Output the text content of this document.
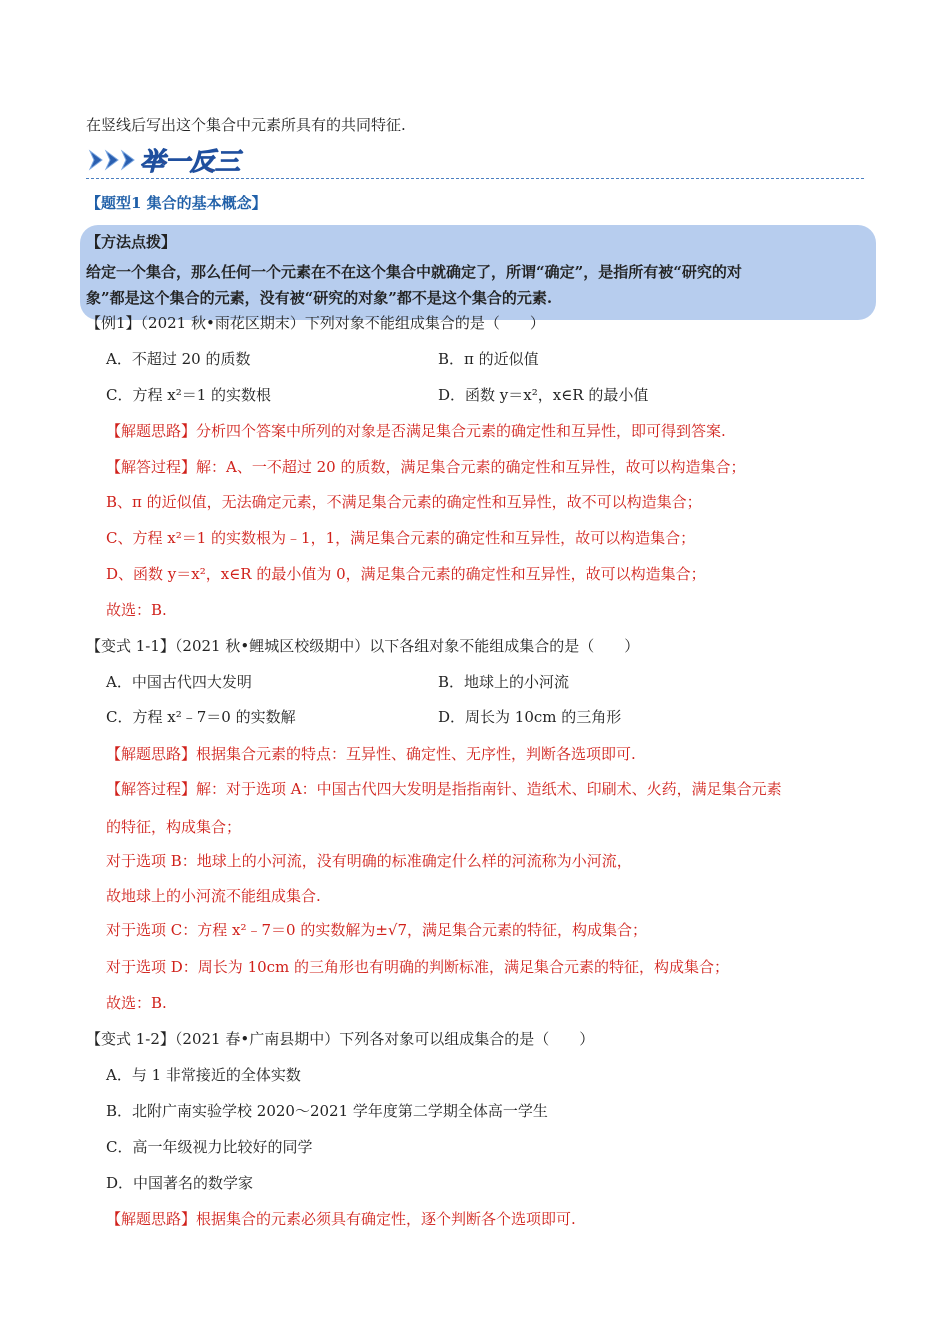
在竖线后写出这个集合中元素所具有的共同特征.
举一反三
【题型1 集合的基本概念】
【方法点拨】
给定一个集合，那么任何一个元素在不在这个集合中就确定了，所谓“确定”，是指所有被“研究的对
象”都是这个集合的元素，没有被“研究的对象”都不是这个集合的元素.
【例1】（2021 秋•雨花区期末）下列对象不能组成集合的是（　　）
A．不超过 20 的质数	B．π 的近似值
C．方程 x²＝1 的实数根	D．函数 y＝x²，x∈R 的最小值
【解题思路】分析四个答案中所列的对象是否满足集合元素的确定性和互异性，即可得到答案.
【解答过程】解：A、一不超过 20 的质数，满足集合元素的确定性和互异性，故可以构造集合；
B、π 的近似值，无法确定元素，不满足集合元素的确定性和互异性，故不可以构造集合；
C、方程 x²＝1 的实数根为﹣1，1，满足集合元素的确定性和互异性，故可以构造集合；
D、函数 y＝x²，x∈R 的最小值为 0，满足集合元素的确定性和互异性，故可以构造集合；
故选：B.
【变式 1-1】（2021 秋•鲤城区校级期中）以下各组对象不能组成集合的是（　　）
A．中国古代四大发明	B．地球上的小河流
C．方程 x²﹣7＝0 的实数解	D．周长为 10cm 的三角形
【解题思路】根据集合元素的特点：互异性、确定性、无序性，判断各选项即可.
【解答过程】解：对于选项 A：中国古代四大发明是指指南针、造纸术、印刷术、火药，满足集合元素
的特征，构成集合；
对于选项 B：地球上的小河流，没有明确的标准确定什么样的河流称为小河流，
故地球上的小河流不能组成集合.
对于选项 C：方程 x²﹣7＝0 的实数解为±√7，满足集合元素的特征，构成集合；
对于选项 D：周长为 10cm 的三角形也有明确的判断标准，满足集合元素的特征，构成集合；
故选：B.
【变式 1-2】（2021 春•广南县期中）下列各对象可以组成集合的是（　　）
A．与 1 非常接近的全体实数
B．北附广南实验学校 2020～2021 学年度第二学期全体高一学生
C．高一年级视力比较好的同学
D．中国著名的数学家
【解题思路】根据集合的元素必须具有确定性，逐个判断各个选项即可.
